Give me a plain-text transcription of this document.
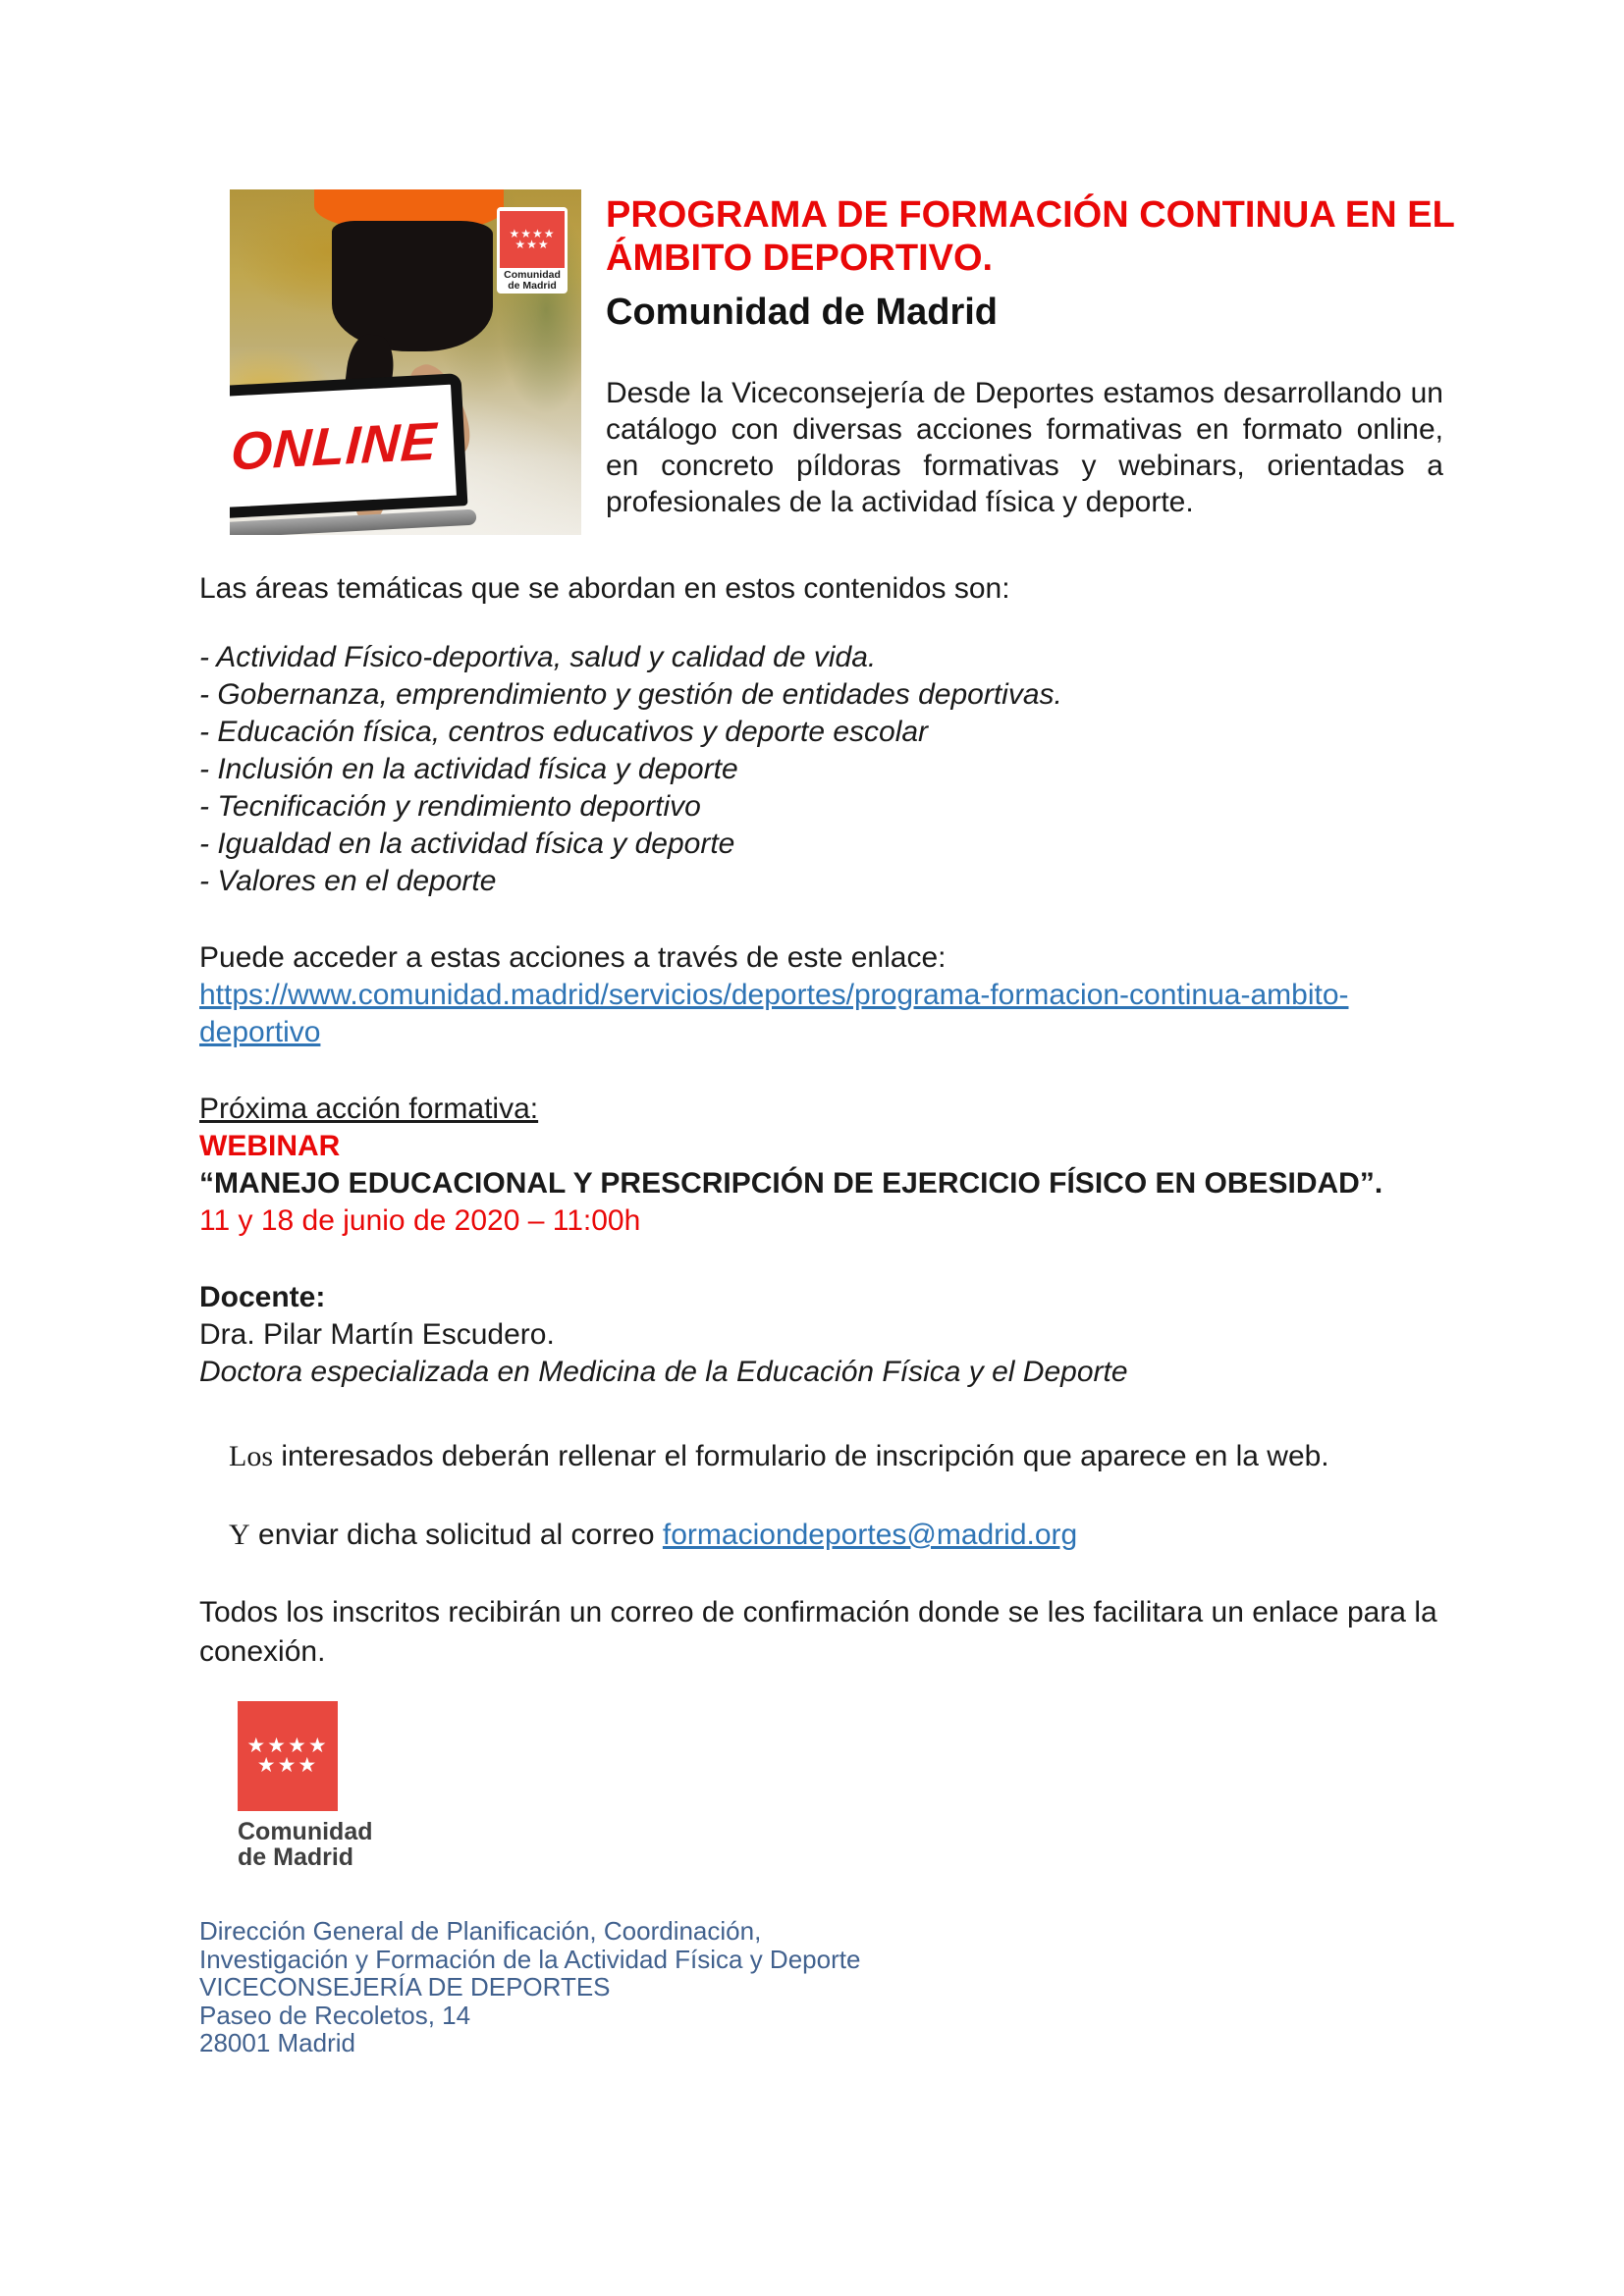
ONLINE
★★★★
★★★
Comunidad
de Madrid
PROGRAMA DE FORMACIÓN CONTINUA EN EL
ÁMBITO DEPORTIVO.
Comunidad de Madrid

Desde la Viceconsejería de Deportes estamos desarrollando un catálogo con diversas acciones formativas en formato online, en concreto píldoras formativas y webinars, orientadas a profesionales de la actividad física y deporte.

Las áreas temáticas que se abordan en estos contenidos son:

- Actividad Físico-deportiva, salud y calidad de vida.
- Gobernanza, emprendimiento y gestión de entidades deportivas.
- Educación física, centros educativos y deporte escolar
- Inclusión en la actividad física y deporte
- Tecnificación y rendimiento deportivo
- Igualdad en la actividad física y deporte
- Valores en el deporte

Puede acceder a estas acciones a través de este enlace:

https://www.comunidad.madrid/servicios/deportes/programa-formacion-continua-ambito-deportivo

Próxima acción formativa:

WEBINAR

“MANEJO EDUCACIONAL Y PRESCRIPCIÓN DE EJERCICIO FÍSICO EN OBESIDAD”.

11 y 18 de junio de 2020 – 11:00h

Docente:

Dra. Pilar Martín Escudero.

Doctora especializada en Medicina de la Educación Física y el Deporte

Los interesados deberán rellenar el formulario de inscripción que aparece en la web.

Y enviar dicha solicitud al correo formaciondeportes@madrid.org

Todos los inscritos recibirán un correo de confirmación donde se les facilitara un enlace para la conexión.

★★★★
★★★
Comunidad
de Madrid
Dirección General de Planificación, Coordinación,
Investigación y Formación de la Actividad Física y Deporte
VICECONSEJERÍA DE DEPORTES
Paseo de Recoletos, 14
28001 Madrid
